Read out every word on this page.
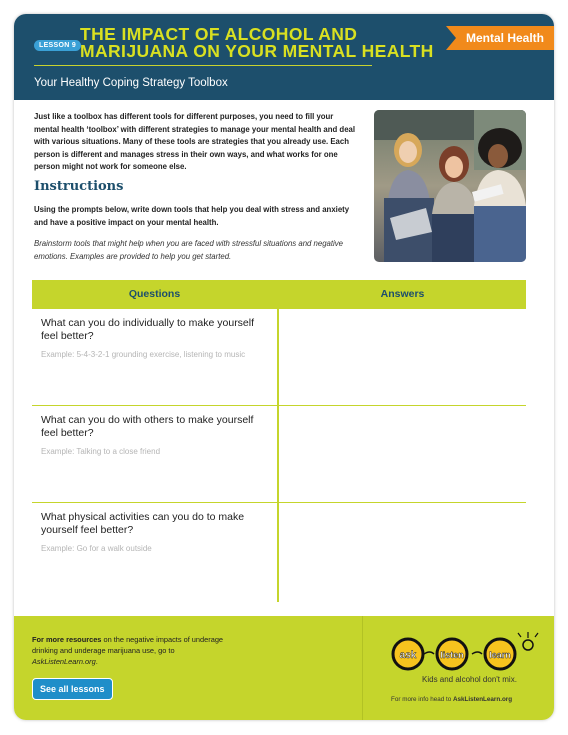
LESSON 9
THE IMPACT OF ALCOHOL AND MARIJUANA ON YOUR MENTAL HEALTH
Your Healthy Coping Strategy Toolbox
Mental Health

Just like a toolbox has different tools for different purposes, you need to fill your mental health ‘toolbox’ with different strategies to manage your mental health and deal with various situations. Many of these tools are strategies that you already use. Each person is different and manages stress in their own ways, and what works for one person might not work for someone else.

Instructions

Using the prompts below, write down tools that help you deal with stress and anxiety and have a positive impact on your mental health.

Brainstorm tools that might help when you are faced with stressful situations and negative emotions. Examples are provided to help you get started.

Questions	Answers

What can you do individually to make yourself feel better?

Example: 5-4-3-2-1 grounding exercise, listening to music

What can you do with others to make yourself feel better?

Example: Talking to a close friend

What physical activities can you do to make yourself feel better?

Example: Go for a walk outside

For more resources on the negative impacts of underage drinking and underage marijuana use, go to AskListenLearn.org.

See all lessons
ask	listen	learn
Kids and alcohol don't mix.
For more info head to AskListenLearn.org
